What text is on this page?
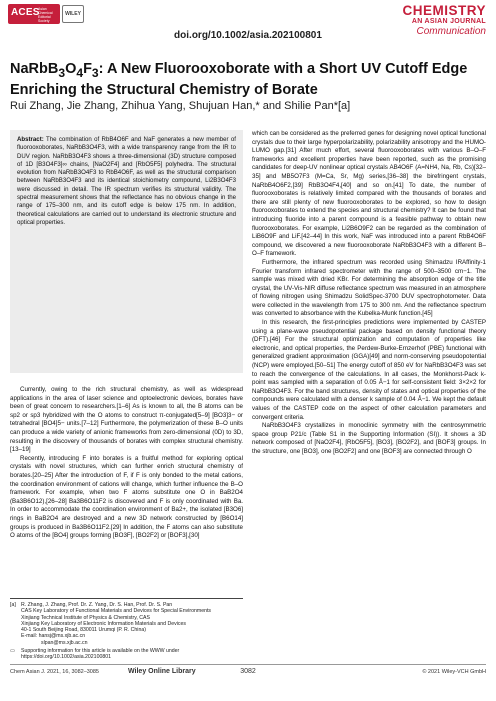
ACES
Asian Chemical Editorial Society
WILEY
doi.org/10.1002/asia.202100801
CHEMISTRY
AN ASIAN JOURNAL
Communication
$NaRbB_3O_4F_3$: A New Fluorooxoborate with a Short UV Cutoff Edge Enriching the Structural Chemistry of Borate
Rui Zhang, Jie Zhang, Zhihua Yang, Shujuan Han,* and Shilie Pan*[a]
Abstract: The combination of RbB4O6F and NaF generates a new member of fluorooxoborates, NaRbB3O4F3, with a wide transparency range from the IR to DUV region. NaRbB3O4F3 shows a three-dimensional (3D) structure composed of 1D [B3O4F3]∞ chains, [NaO2F4] and [RbO5F5] polyhedra. The structural evolution from NaRbB3O4F3 to RbB4O6F, as well as the structural comparison between NaRbB3O4F3 and its identical stoichiometry compound, Li2B3O4F3 were discussed in detail. The IR spectrum verifies its structural validity. The spectral measurement shows that the reflectance has no obvious change in the range of 175–300 nm, and its cutoff edge is below 175 nm. In addition, theoretical calculations are carried out to understand its electronic structure and optical properties.

Currently, owing to the rich structural chemistry, as well as widespread applications in the area of laser science and optoelectronic devices, borates have been of great concern to researchers.[1–6] As is known to all, the B atoms can be sp2 or sp3 hybridized with the O atoms to construct π-conjugated[5–9] [BO3]3− or tetrahedral [BO4]5− units.[7–12] Furthermore, the polymerization of these B–O units can produce a wide variety of anionic frameworks from zero-dimensional (0D) to 3D, resulting in the discovery of thousands of borates with complex structural chemistry.[13–19]

Recently, introducing F into borates is a fruitful method for exploring optical crystals with novel structures, which can further enrich structural chemistry of borates.[20–25] After the introduction of F, if F is only bonded to the metal cations, the coordination environment of cations will change, which further influence the B–O framework. For example, when two F atoms substitute one O in BaB2O4 (Ba3B6O12),[26–28] Ba3B6O11F2 is discovered and F is only coordinated with Ba. In order to accommodate the coordination environment of Ba2+, the isolated [B3O6] rings in BaB2O4 are destroyed and a new 3D network constructed by [B6O14] groups is produced in Ba3B6O11F2.[29] In addition, the F atoms can also substitute O atoms of the [BO4] groups forming [BO3F], [BO2F2] or [BOF3],[30]

[a]	R. Zhang, J. Zhang, Prof. Dr. Z. Yang, Dr. S. Han, Prof. Dr. S. Pan
CAS Key Laboratory of Functional Materials and Devices for Special Environments
Xinjiang Technical Institute of Physics & Chemistry, CAS
Xinjiang Key Laboratory of Electronic Information Materials and Devices
40-1 South Beijing Road, 830011 Urumqi (P. R. China)
E-mail: hansj@ms.xjb.ac.cn
slpan@ms.xjb.ac.cn
▭	Supporting information for this article is available on the WWW under https://doi.org/10.1002/asia.202100801

which can be considered as the preferred genes for designing novel optical functional crystals due to their large hyperpolarizability, polarizability anisotropy and the HUMO-LUMO gap.[31] After much effort, several fluorooxoborates with various B–O–F frameworks and excellent properties have been reported, such as the promising candidates for deep-UV nonlinear optical crystals AB4O6F (A=NH4, Na, Rb, Cs)[32–35] and MB5O7F3 (M=Ca, Sr, Mg) series,[36–38] the birefringent crystals, NaRbB4O6F2,[39] RbB3O4F4,[40] and so on.[41] To date, the number of fluorooxoborates is relatively limited compared with the thousands of borates and there are still plenty of new fluorooxoborates to be explored, so how to design fluorooxoborates to extend the species and structural chemistry? It can be found that introducing fluoride into a parent compound is a feasible pathway to obtain new fluorooxoborates. For example, Li2B6O9F2 can be regarded as the combination of LiB6O9F and LiF.[42–44] In this work, NaF was introduced into a parent RbB4O6F compound, we discovered a new fluorooxoborate NaRbB3O4F3 with a different B–O–F framework.

Furthermore, the infrared spectrum was recorded using Shimadzu IRAffinity-1 Fourier transform infrared spectrometer with the range of 500–3500 cm−1. The sample was mixed with dried KBr. For determining the absorption edge of the title crystal, the UV-Vis-NIR diffuse reflectance spectrum was measured in an atmosphere of flowing nitrogen using Shimadzu SolidSpec-3700 DUV spectrophotometer. Data were collected in the wavelength from 175 to 300 nm. And the reflectance spectrum was converted to absorbance with the Kubelka-Munk function.[45]

In this research, the first-principles predictions were implemented by CASTEP using a plane-wave pseudopotential package based on density functional theory (DFT).[46] For the structural optimization and computation of properties like electronic, and optical properties, the Perdew-Burke-Ernzerhof (PBE) functional with generalized gradient approximation (GGA)[49] and norm-conserving pseudopotential (NCP) were employed.[50–51] The energy cutoff of 850 eV for NaRbB3O4F3 was set to reach the convergence of the calculations. In all cases, the Monkhorst-Pack k-point was sampled with a separation of 0.05 Å−1 for self-consistent field: 3×2×2 for NaRbB3O4F3. For the band structures, density of states and optical properties of the compounds were calculated with a denser k sample of 0.04 Å−1. We kept the default values of the CASTEP code on the aspect of other calculation parameters and convergent criteria.

NaRbB3O4F3 crystallizes in monoclinic symmetry with the centrosymmetric space group P21/c (Table S1 in the Supporting Information (SI)). It shows a 3D network composed of [NaO2F4], [RbO5F5], [BO3], [BO2F2], and [BOF3] groups. In the structure, one [BO3], one [BO2F2] and one [BOF3] are connected through O

Chem Asian J. 2021, 16, 3082–3085	Wiley Online Library	3082	© 2021 Wiley-VCH GmbH
